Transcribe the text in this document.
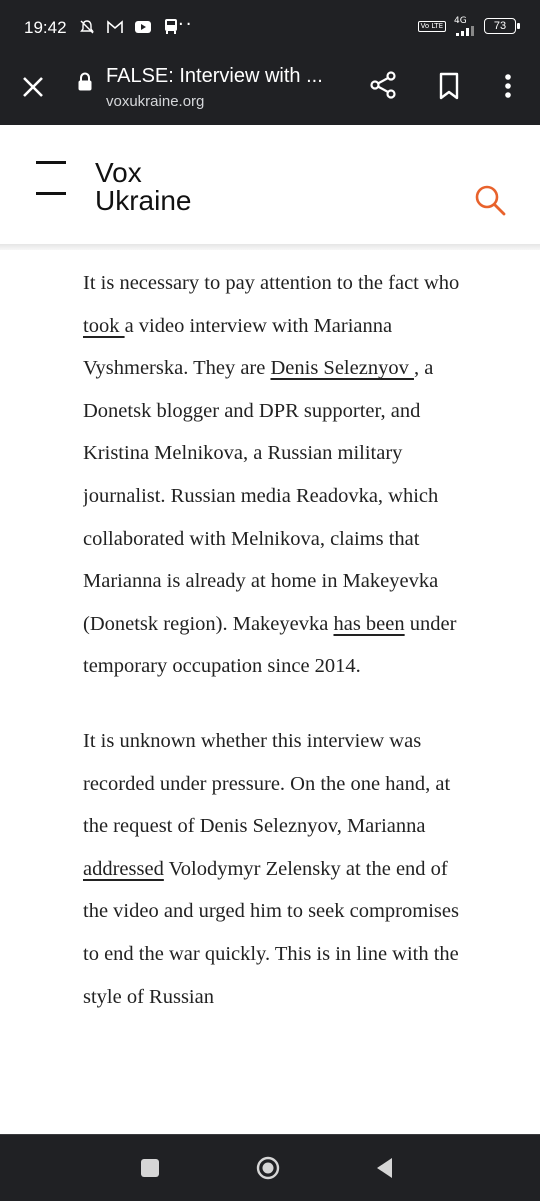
19:42	··	Vo LTE	4G	73
FALSE: Interview with ...
voxukraine.org
Vox
Ukraine

It is necessary to pay attention to the fact who took a video interview with Marianna Vyshmerska. They are Denis Seleznyov , a Donetsk blogger and DPR supporter, and Kristina Melnikova, a Russian military journalist. Russian media Readovka, which collaborated with Melnikova, claims that Marianna is already at home in Makeyevka (Donetsk region). Makeyevka has been under temporary occupation since 2014.

It is unknown whether this interview was recorded under pressure. On the one hand, at the request of Denis Seleznyov, Marianna addressed Volodymyr Zelensky at the end of the video and urged him to seek compromises to end the war quickly. This is in line with the style of Russian
